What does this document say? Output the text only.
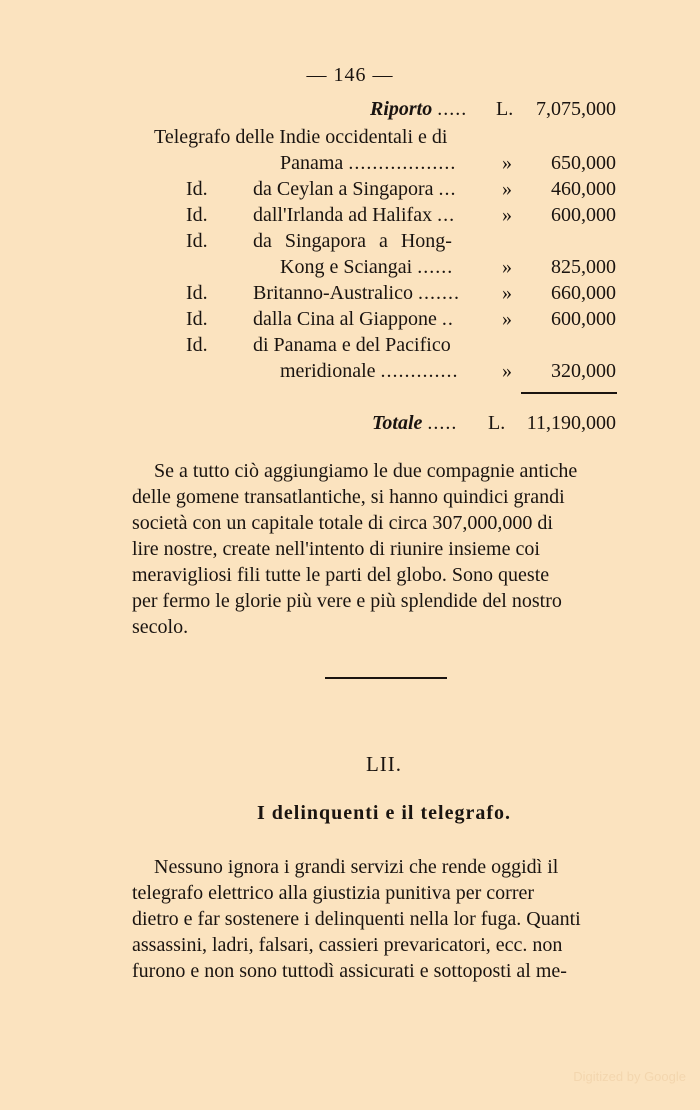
— 146 —
Riporto ..... L. 7,075,000
Telegrafo delle Indie occidentali e di
Panama .................. » 650,000
Id. da Ceylan a Singapora ... » 460,000
Id. dall'Irlanda ad Halifax ... » 600,000
Id. da Singapora a Hong-
Kong e Sciangai ...... » 825,000
Id. Britanno-Australico ....... » 660,000
Id. dalla Cina al Giappone .. » 600,000
Id. di Panama e del Pacifico
meridionale ............. » 320,000
Totale ..... L. 11,190,000
Se a tutto ciò aggiungiamo le due compagnie antiche
delle gomene transatlantiche, si hanno quindici grandi
società con un capitale totale di circa 307,000,000 di
lire nostre, create nell'intento di riunire insieme coi
meravigliosi fili tutte le parti del globo. Sono queste
per fermo le glorie più vere e più splendide del nostro
secolo.
LII.
I delinquenti e il telegrafo.
Nessuno ignora i grandi servizi che rende oggidì il
telegrafo elettrico alla giustizia punitiva per correr
dietro e far sostenere i delinquenti nella lor fuga. Quanti
assassini, ladri, falsari, cassieri prevaricatori, ecc. non
furono e non sono tuttodì assicurati e sottoposti al me-
Digitized by Google
